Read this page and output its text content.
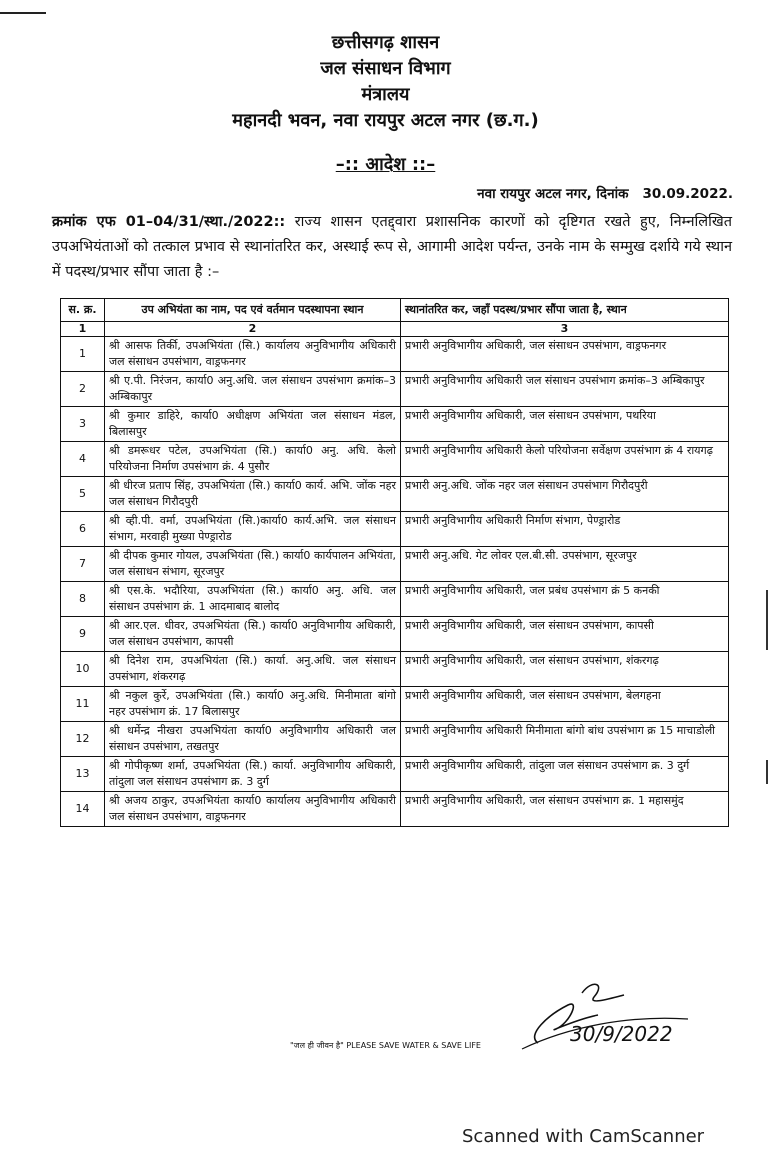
छत्तीसगढ़ शासन
जल संसाधन विभाग
मंत्रालय
महानदी भवन, नवा रायपुर अटल नगर (छ.ग.)
–:: आदेश ::–
नवा रायपुर अटल नगर, दिनांक 30.09.2022.
क्रमांक एफ 01–04/31/स्था./2022:: राज्य शासन एतद्द्वारा प्रशासनिक कारणों को दृष्टिगत रखते हुए, निम्नलिखित उपअभियंताओं को तत्काल प्रभाव से स्थानांतरित कर, अस्थाई रूप से, आगामी आदेश पर्यन्त, उनके नाम के सम्मुख दर्शाये गये स्थान में पदस्थ/प्रभार सौंपा जाता है :–
स. क्र.	उप अभियंता का नाम, पद एवं वर्तमान पदस्थापना स्थान	स्थानांतरित कर, जहॉं पदस्थ/प्रभार सौंपा जाता है, स्थान
1	2	3
1	श्री आसफ तिर्की, उपअभियंता (सि.) कार्यालय अनुविभागीय अधिकारी जल संसाधन उपसंभाग, वाड्रफनगर	प्रभारी अनुविभागीय अधिकारी, जल संसाधन उपसंभाग, वाड्रफनगर
2	श्री ए.पी. निरंजन, कार्या0 अनु.अधि. जल संसाधन उपसंभाग क्रमांक–3 अम्बिकापुर	प्रभारी अनुविभागीय अधिकारी जल संसाधन उपसंभाग क्रमांक–3 अम्बिकापुर
3	श्री कुमार डाहिरे, कार्या0 अधीक्षण अभियंता जल संसाधन मंडल, बिलासपुर	प्रभारी अनुविभागीय अधिकारी, जल संसाधन उपसंभाग, पथरिया
4	श्री डमरूधर पटेल, उपअभियंता (सि.) कार्या0 अनु. अधि. केलो परियोजना निर्माण उपसंभाग क्रं. 4 पुसौर	प्रभारी अनुविभागीय अधिकारी केलो परियोजना सर्वेक्षण उपसंभाग क्रं 4 रायगढ़
5	श्री धीरज प्रताप सिंह, उपअभियंता (सि.) कार्या0 कार्य. अभि. जोंक नहर जल संसाधन गिरौदपुरी	प्रभारी अनु.अधि. जोंक नहर जल संसाधन उपसंभाग गिरौदपुरी
6	श्री व्ही.पी. वर्मा, उपअभियंता (सि.)कार्या0 कार्य.अभि. जल संसाधन संभाग, मरवाही मुख्या पेण्ड्रारोड	प्रभारी अनुविभागीय अधिकारी निर्माण संभाग, पेण्ड्रारोड
7	श्री दीपक कुमार गोयल, उपअभियंता (सि.) कार्या0 कार्यपालन अभियंता, जल संसाधन संभाग, सूरजपुर	प्रभारी अनु.अधि. गेट लोवर एल.बी.सी. उपसंभाग, सूरजपुर
8	श्री एस.के. भदौरिया, उपअभियंता (सि.) कार्या0 अनु. अधि. जल संसाधन उपसंभाग क्रं. 1 आदमाबाद बालोद	प्रभारी अनुविभागीय अधिकारी, जल प्रबंध उपसंभाग क्रं 5 कनकी
9	श्री आर.एल. धीवर, उपअभियंता (सि.) कार्या0 अनुविभागीय अधिकारी, जल संसाधन उपसंभाग, कापसी	प्रभारी अनुविभागीय अधिकारी, जल संसाधन उपसंभाग, कापसी
10	श्री दिनेश राम, उपअभियंता (सि.) कार्या. अनु.अधि. जल संसाधन उपसंभाग, शंकरगढ़	प्रभारी अनुविभागीय अधिकारी, जल संसाधन उपसंभाग, शंकरगढ़
11	श्री नकुल कुर्रे, उपअभियंता (सि.) कार्या0 अनु.अधि. मिनीमाता बांगो नहर उपसंभाग क्रं. 17 बिलासपुर	प्रभारी अनुविभागीय अधिकारी, जल संसाधन उपसंभाग, बेलगहना
12	श्री धर्मेन्द्र नीखरा उपअभियंता कार्या0 अनुविभागीय अधिकारी जल संसाधन उपसंभाग, तखतपुर	प्रभारी अनुविभागीय अधिकारी मिनीमाता बांगो बांध उपसंभाग क्र 15 माचाडोली
13	श्री गोपीकृष्ण शर्मा, उपअभियंता (सि.) कार्या. अनुविभागीय अधिकारी, तांदुला जल संसाधन उपसंभाग क्र. 3 दुर्ग	प्रभारी अनुविभागीय अधिकारी, तांदुला जल संसाधन उपसंभाग क्र. 3 दुर्ग
14	श्री अजय ठाकुर, उपअभियंता कार्या0 कार्यालय अनुविभागीय अधिकारी जल संसाधन उपसंभाग, वाड्रफनगर	प्रभारी अनुविभागीय अधिकारी, जल संसाधन उपसंभाग क्र. 1 महासमुंद
30/9/2022
"जल ही जीवन है" PLEASE SAVE WATER & SAVE LIFE
Scanned with CamScanner
